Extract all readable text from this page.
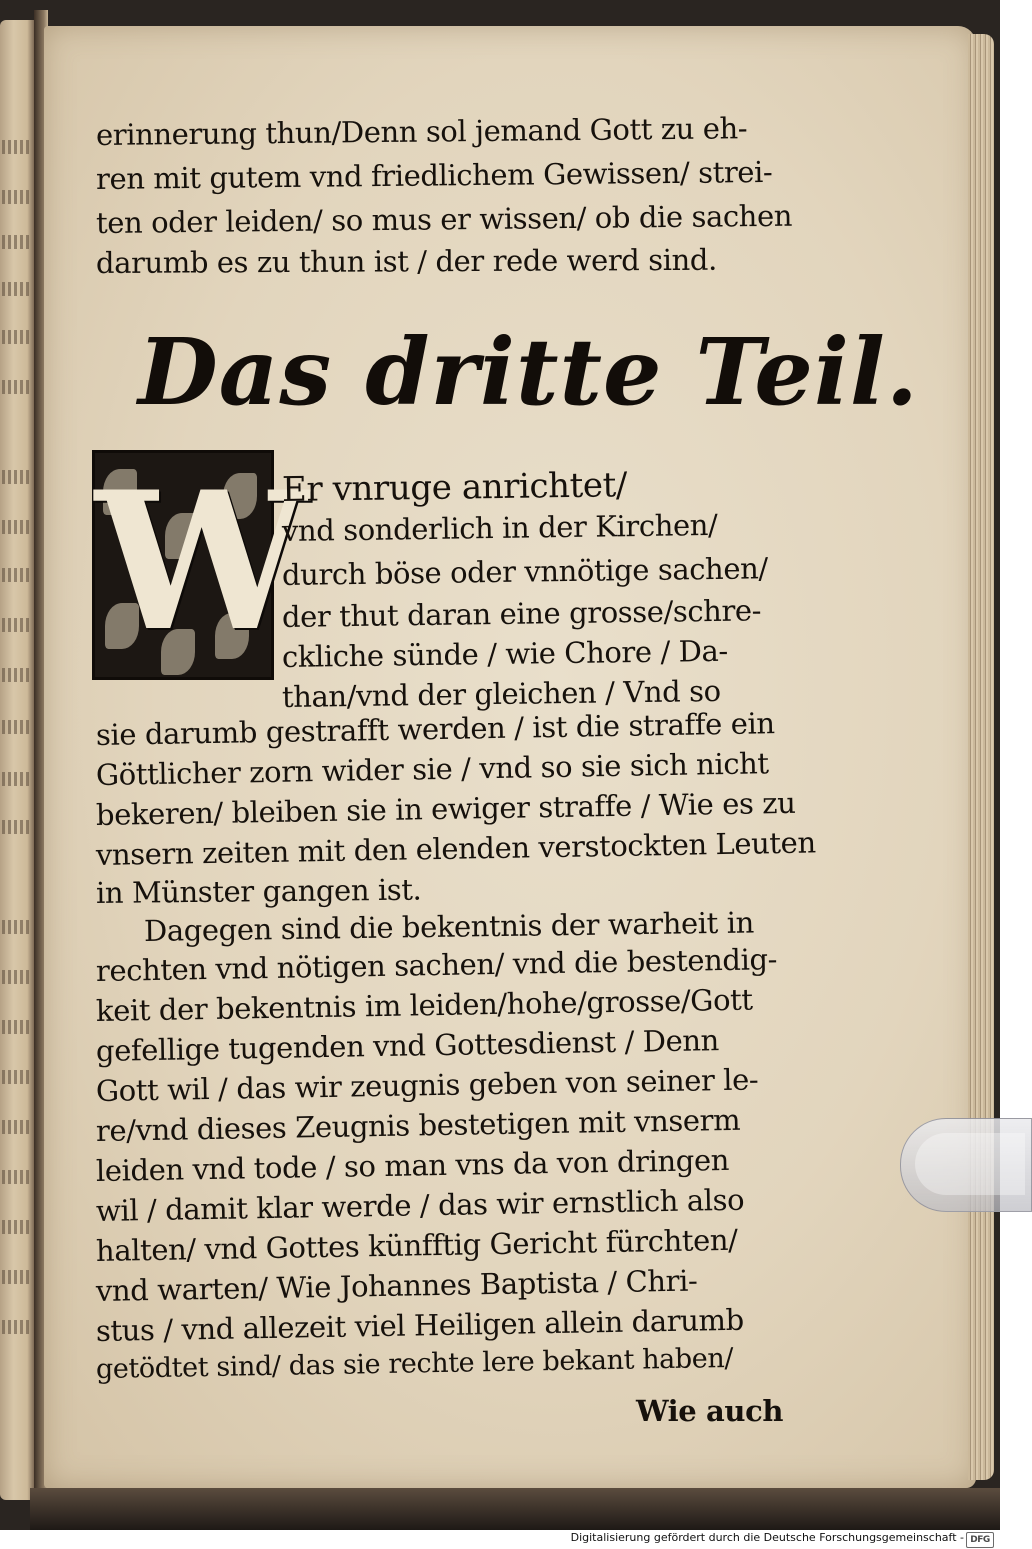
erinnerung thun/Denn sol jemand Gott zu eh-
ren mit gutem vnd friedlichem Gewissen/ strei-
ten oder leiden/ so mus er wissen/ ob die sachen
darumb es zu thun ist / der rede werd sind.
Das dritte Teil.
W
Er vnruge anrichtet/
vnd sonderlich in der Kirchen/
durch böse oder vnnötige sachen/
der thut daran eine grosse/schre-
ckliche sünde / wie Chore / Da-
than/vnd der gleichen / Vnd so
sie darumb gestrafft werden / ist die straffe ein
Göttlicher zorn wider sie / vnd so sie sich nicht
bekeren/ bleiben sie in ewiger straffe / Wie es zu
vnsern zeiten mit den elenden verstockten Leuten
in Münster gangen ist.
Dagegen sind die bekentnis der warheit in
rechten vnd nötigen sachen/ vnd die bestendig-
keit der bekentnis im leiden/hohe/grosse/Gott
gefellige tugenden vnd Gottesdienst / Denn
Gott wil / das wir zeugnis geben von seiner le-
re/vnd dieses Zeugnis bestetigen mit vnserm
leiden vnd tode / so man vns da von dringen
wil / damit klar werde / das wir ernstlich also
halten/ vnd Gottes künfftig Gericht fürchten/
vnd warten/ Wie Johannes Baptista / Chri-
stus / vnd allezeit viel Heiligen allein darumb
getödtet sind/ das sie rechte lere bekant haben/
Wie auch
Digitalisierung gefördert durch die Deutsche Forschungsgemeinschaft - DFG
